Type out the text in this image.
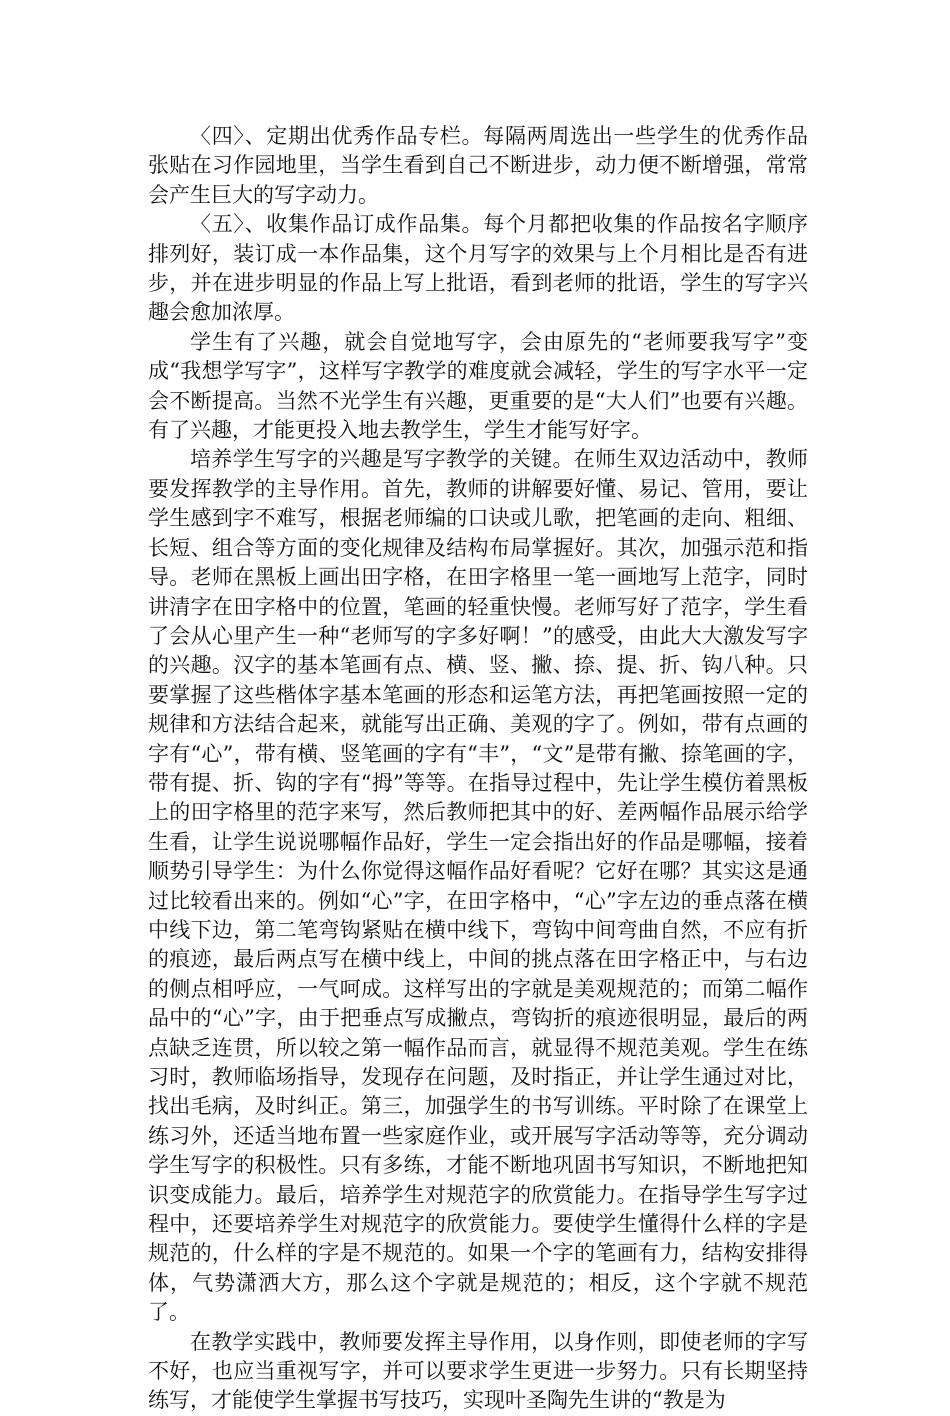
〈四〉、定期出优秀作品专栏。每隔两周选出一些学生的优秀作品张贴在习作园地里，当学生看到自己不断进步，动力便不断增强，常常会产生巨大的写字动力。

〈五〉、收集作品订成作品集。每个月都把收集的作品按名字顺序排列好，装订成一本作品集，这个月写字的效果与上个月相比是否有进步，并在进步明显的作品上写上批语，看到老师的批语，学生的写字兴趣会愈加浓厚。

学生有了兴趣，就会自觉地写字，会由原先的“老师要我写字”变成“我想学写字”，这样写字教学的难度就会减轻，学生的写字水平一定会不断提高。当然不光学生有兴趣，更重要的是“大人们”也要有兴趣。有了兴趣，才能更投入地去教学生，学生才能写好字。

培养学生写字的兴趣是写字教学的关键。在师生双边活动中，教师要发挥教学的主导作用。首先，教师的讲解要好懂、易记、管用，要让学生感到字不难写，根据老师编的口诀或儿歌，把笔画的走向、粗细、长短、组合等方面的变化规律及结构布局掌握好。其次，加强示范和指导。老师在黑板上画出田字格，在田字格里一笔一画地写上范字，同时讲清字在田字格中的位置，笔画的轻重快慢。老师写好了范字，学生看了会从心里产生一种“老师写的字多好啊！”的感受，由此大大激发写字的兴趣。汉字的基本笔画有点、横、竖、撇、捺、提、折、钩八种。只要掌握了这些楷体字基本笔画的形态和运笔方法，再把笔画按照一定的规律和方法结合起来，就能写出正确、美观的字了。例如，带有点画的字有“心”，带有横、竖笔画的字有“丰”，“文”是带有撇、捺笔画的字，带有提、折、钩的字有“拇”等等。在指导过程中，先让学生模仿着黑板上的田字格里的范字来写，然后教师把其中的好、差两幅作品展示给学生看，让学生说说哪幅作品好，学生一定会指出好的作品是哪幅，接着顺势引导学生：为什么你觉得这幅作品好看呢？它好在哪？其实这是通过比较看出来的。例如“心”字，在田字格中，“心”字左边的垂点落在横中线下边，第二笔弯钩紧贴在横中线下，弯钩中间弯曲自然，不应有折的痕迹，最后两点写在横中线上，中间的挑点落在田字格正中，与右边的侧点相呼应，一气呵成。这样写出的字就是美观规范的；而第二幅作品中的“心”字，由于把垂点写成撇点，弯钩折的痕迹很明显，最后的两点缺乏连贯，所以较之第一幅作品而言，就显得不规范美观。学生在练习时，教师临场指导，发现存在问题，及时指正，并让学生通过对比，找出毛病，及时纠正。第三，加强学生的书写训练。平时除了在课堂上练习外，还适当地布置一些家庭作业，或开展写字活动等等，充分调动学生写字的积极性。只有多练，才能不断地巩固书写知识，不断地把知识变成能力。最后，培养学生对规范字的欣赏能力。在指导学生写字过程中，还要培养学生对规范字的欣赏能力。要使学生懂得什么样的字是规范的，什么样的字是不规范的。如果一个字的笔画有力，结构安排得体，气势潇洒大方，那么这个字就是规范的；相反，这个字就不规范了。

在教学实践中，教师要发挥主导作用，以身作则，即使老师的字写不好，也应当重视写字，并可以要求学生更进一步努力。只有长期坚持练写，才能使学生掌握书写技巧，实现叶圣陶先生讲的“教是为
